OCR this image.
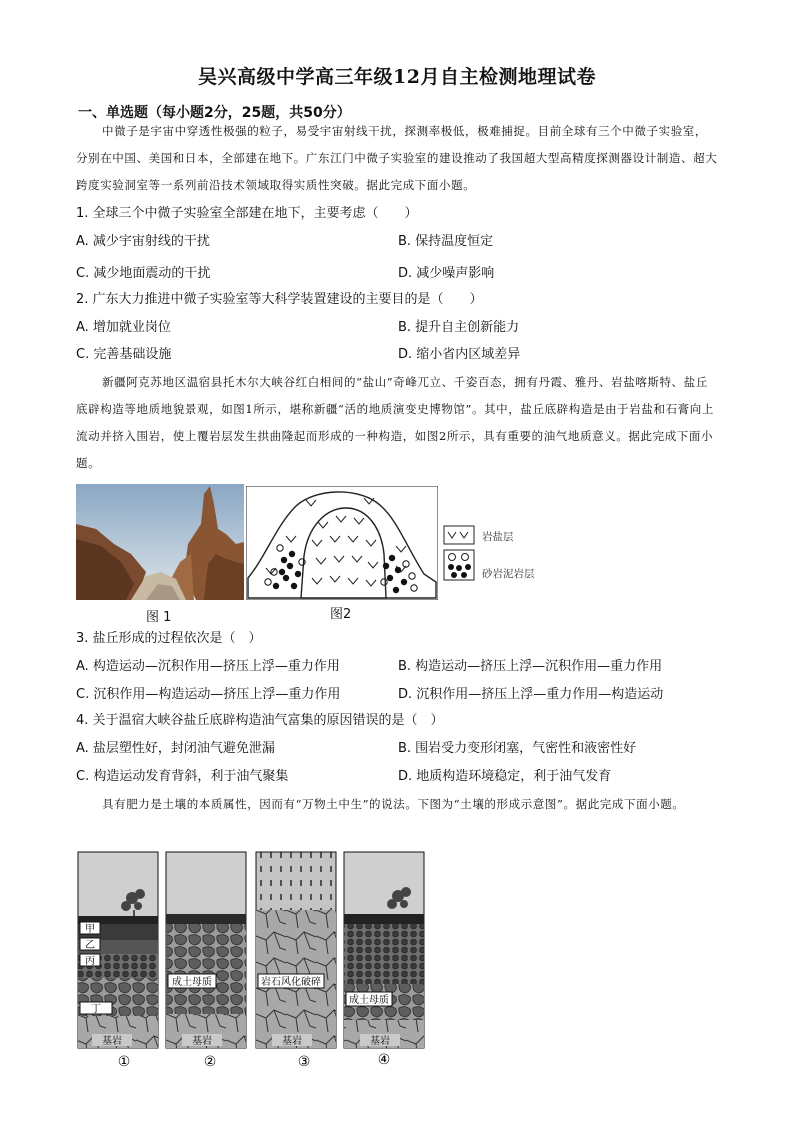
吴兴高级中学高三年级12月自主检测地理试卷
一、单选题（每小题2分，25题，共50分）
中微子是宇宙中穿透性极强的粒子，易受宇宙射线干扰，探测率极低，极难捕捉。目前全球有三个中微子实验室，分别在中国、美国和日本，全部建在地下。广东江门中微子实验室的建设推动了我国超大型高精度探测器设计制造、超大跨度实验洞室等一系列前沿技术领域取得实质性突破。据此完成下面小题。
1. 全球三个中微子实验室全部建在地下，主要考虑（　　）
A. 减少宇宙射线的干扰	B. 保持温度恒定
C. 减少地面震动的干扰	D. 减少噪声影响
2. 广东大力推进中微子实验室等大科学装置建设的主要目的是（　　）
A. 增加就业岗位	B. 提升自主创新能力
C. 完善基础设施	D. 缩小省内区域差异
新疆阿克苏地区温宿县托木尔大峡谷红白相间的“盐山”奇峰兀立、千姿百态，拥有丹霞、雅丹、岩盐喀斯特、盐丘底辟构造等地质地貌景观，如图1所示，堪称新疆“活的地质演变史博物馆”。其中，盐丘底辟构造是由于岩盐和石膏向上流动并挤入围岩，使上覆岩层发生拱曲隆起而形成的一种构造，如图2所示，具有重要的油气地质意义。据此完成下面小题。
图 1	图2
岩盐层
砂岩泥岩层
3. 盐丘形成的过程依次是（　）
A. 构造运动—沉积作用—挤压上浮—重力作用	B. 构造运动—挤压上浮—沉积作用—重力作用
C. 沉积作用—构造运动—挤压上浮—重力作用	D. 沉积作用—挤压上浮—重力作用—构造运动
4. 关于温宿大峡谷盐丘底辟构造油气富集的原因错误的是（　）
A. 盐层塑性好，封闭油气避免泄漏	B. 围岩受力变形闭塞，气密性和液密性好
C. 构造运动发育背斜，利于油气聚集	D. 地质构造环境稳定，利于油气发育
具有肥力是土壤的本质属性，因而有“万物土中生”的说法。下图为“土壤的形成示意图”。据此完成下面小题。
甲
乙
丙
丁
基岩
成土母质
基岩
岩石风化破碎
基岩
成土母质
基岩
①	②	③	④
